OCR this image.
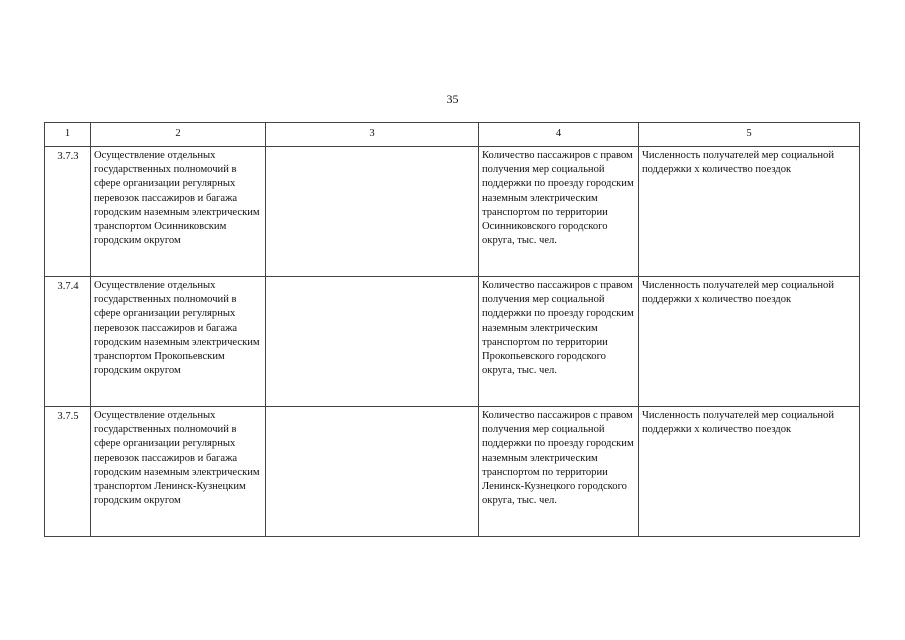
35
1	2	3	4	5
3.7.3	Осуществление отдельных государственных полномочий в сфере организации регулярных перевозок пассажиров и багажа городским наземным электрическим транспортом Осинниковским городским округом		Количество пассажиров с правом получения мер социальной поддержки по проезду городским наземным электрическим транспортом по территории Осинниковского городского округа, тыс. чел.	Численность получателей мер социальной поддержки x количество поездок
3.7.4	Осуществление отдельных государственных полномочий в сфере организации регулярных перевозок пассажиров и багажа городским наземным электрическим транспортом Прокопьевским городским округом		Количество пассажиров с правом получения мер социальной поддержки по проезду городским наземным электрическим транспортом по территории Прокопьевского городского округа, тыс. чел.	Численность получателей мер социальной поддержки x количество поездок
3.7.5	Осуществление отдельных государственных полномочий в сфере организации регулярных перевозок пассажиров и багажа городским наземным электрическим транспортом Ленинск-Кузнецким городским округом		Количество пассажиров с правом получения мер социальной поддержки по проезду городским наземным электрическим транспортом по территории Ленинск-Кузнецкого городского округа, тыс. чел.	Численность получателей мер социальной поддержки x количество поездок
